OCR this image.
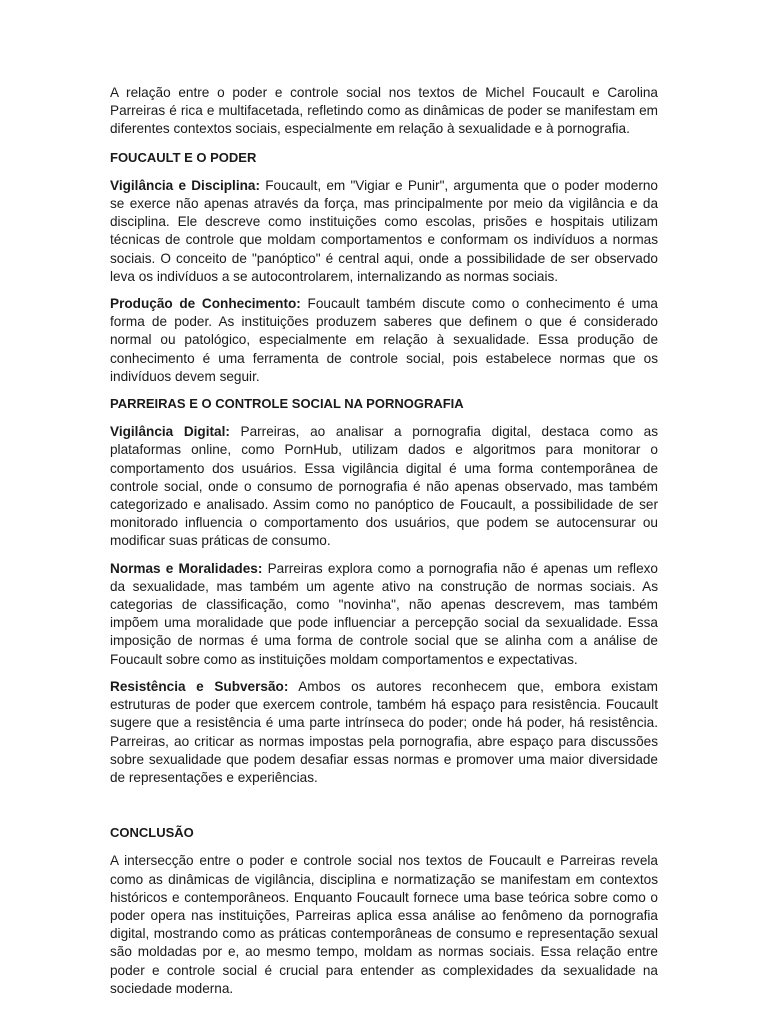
A relação entre o poder e controle social nos textos de Michel Foucault e Carolina Parreiras é rica e multifacetada, refletindo como as dinâmicas de poder se manifestam em diferentes contextos sociais, especialmente em relação à sexualidade e à pornografia.

FOUCAULT E O PODER

Vigilância e Disciplina: Foucault, em "Vigiar e Punir", argumenta que o poder moderno se exerce não apenas através da força, mas principalmente por meio da vigilância e da disciplina. Ele descreve como instituições como escolas, prisões e hospitais utilizam técnicas de controle que moldam comportamentos e conformam os indivíduos a normas sociais. O conceito de "panóptico" é central aqui, onde a possibilidade de ser observado leva os indivíduos a se autocontrolarem, internalizando as normas sociais.

Produção de Conhecimento: Foucault também discute como o conhecimento é uma forma de poder. As instituições produzem saberes que definem o que é considerado normal ou patológico, especialmente em relação à sexualidade. Essa produção de conhecimento é uma ferramenta de controle social, pois estabelece normas que os indivíduos devem seguir.

PARREIRAS E O CONTROLE SOCIAL NA PORNOGRAFIA

Vigilância Digital: Parreiras, ao analisar a pornografia digital, destaca como as plataformas online, como PornHub, utilizam dados e algoritmos para monitorar o comportamento dos usuários. Essa vigilância digital é uma forma contemporânea de controle social, onde o consumo de pornografia é não apenas observado, mas também categorizado e analisado. Assim como no panóptico de Foucault, a possibilidade de ser monitorado influencia o comportamento dos usuários, que podem se autocensurar ou modificar suas práticas de consumo.

Normas e Moralidades: Parreiras explora como a pornografia não é apenas um reflexo da sexualidade, mas também um agente ativo na construção de normas sociais. As categorias de classificação, como "novinha", não apenas descrevem, mas também impõem uma moralidade que pode influenciar a percepção social da sexualidade. Essa imposição de normas é uma forma de controle social que se alinha com a análise de Foucault sobre como as instituições moldam comportamentos e expectativas.

Resistência e Subversão: Ambos os autores reconhecem que, embora existam estruturas de poder que exercem controle, também há espaço para resistência. Foucault sugere que a resistência é uma parte intrínseca do poder; onde há poder, há resistência. Parreiras, ao criticar as normas impostas pela pornografia, abre espaço para discussões sobre sexualidade que podem desafiar essas normas e promover uma maior diversidade de representações e experiências.

CONCLUSÃO

A intersecção entre o poder e controle social nos textos de Foucault e Parreiras revela como as dinâmicas de vigilância, disciplina e normatização se manifestam em contextos históricos e contemporâneos. Enquanto Foucault fornece uma base teórica sobre como o poder opera nas instituições, Parreiras aplica essa análise ao fenômeno da pornografia digital, mostrando como as práticas contemporâneas de consumo e representação sexual são moldadas por e, ao mesmo tempo, moldam as normas sociais. Essa relação entre poder e controle social é crucial para entender as complexidades da sexualidade na sociedade moderna.
